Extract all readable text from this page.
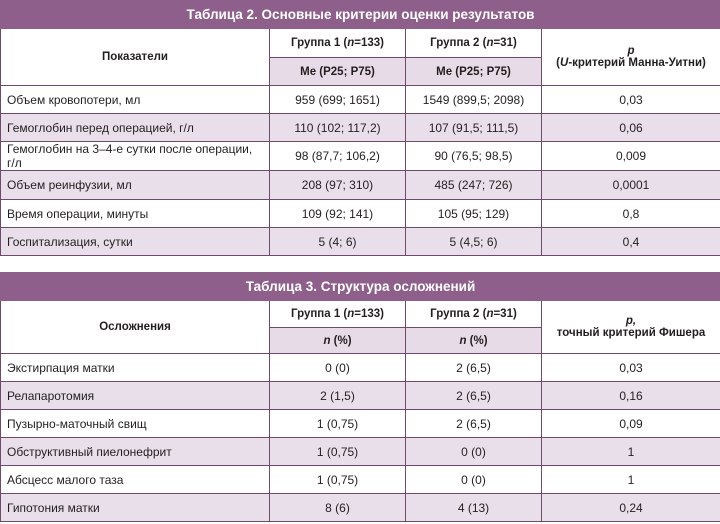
Таблица 2. Основные критерии оценки результатов			
Показатели	Группа 1 (n=133)	Группа 2 (n=31)	p
(U-критерий Манна-Уитни)

	Me (P25; P75)	Me (P25; P75)	
Объем кровопотери, мл	959 (699; 1651)	1549 (899,5; 2098)	0,03
Гемоглобин перед операцией, г/л	110 (102; 117,2)	107 (91,5; 111,5)	0,06
Гемоглобин на 3–4-е сутки после операции, г/л	98 (87,7; 106,2)	90 (76,5; 98,5)	0,009
Объем реинфузии, мл	208 (97; 310)	485 (247; 726)	0,0001
Время операции, минуты	109 (92; 141)	105 (95; 129)	0,8
Госпитализация, сутки	5 (4; 6)	5 (4,5; 6)	0,4
Таблица 3. Структура осложнений			
Осложнения	Группа 1 (n=133)	Группа 2 (n=31)	p,
точный критерий Фишера

	n (%)	n (%)	
Экстирпация матки	0 (0)	2 (6,5)	0,03
Релапаротомия	2 (1,5)	2 (6,5)	0,16
Пузырно-маточный свищ	1 (0,75)	2 (6,5)	0,09
Обструктивный пиелонефрит	1 (0,75)	0 (0)	1
Абсцесс малого таза	1 (0,75)	0 (0)	1
Гипотония матки	8 (6)	4 (13)	0,24
